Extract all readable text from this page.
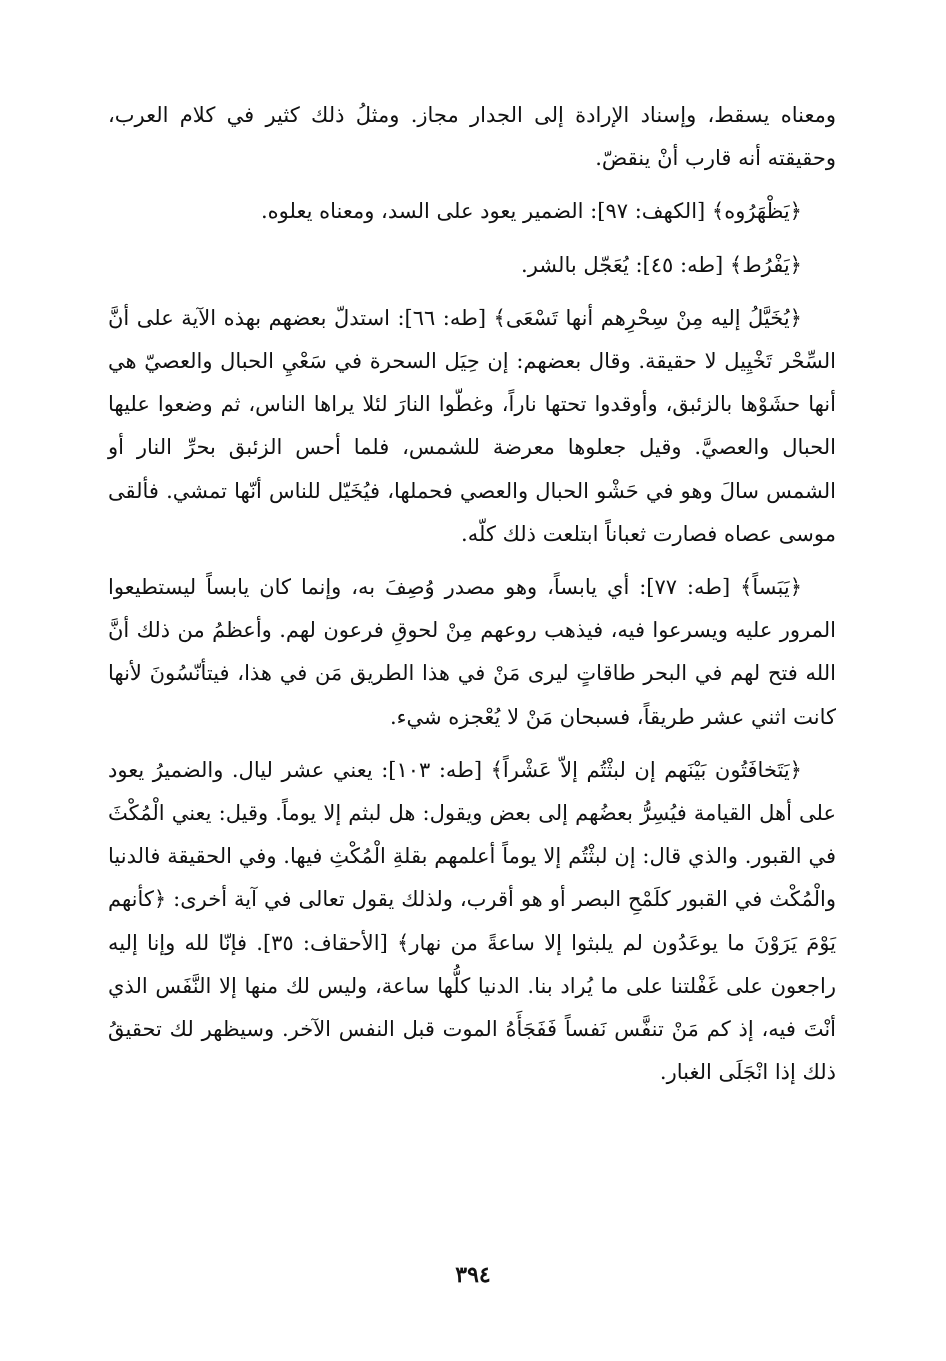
ومعناه يسقط، وإسناد الإرادة إلى الجدار مجاز. ومثلُ ذلك كثير في كلام العرب، وحقيقته أنه قارب أنْ ينقضّ.

﴿يَظْهَرُوه﴾ [الكهف: ٩٧]: الضمير يعود على السد، ومعناه يعلوه.

﴿يَفْرُط﴾ [طه: ٤٥]: يُعَجّل بالشر.

﴿يُخَيَّلُ إليه مِنْ سِحْرِهم أنها تَسْعَى﴾ [طه: ٦٦]: استدلّ بعضهم بهذه الآية على أنَّ السِّحْر تَخْيِيل لا حقيقة. وقال بعضهم: إن حِيَل السحرة في سَعْيِ الحبال والعصيّ هي أنها حشَوْها بالزئبق، وأوقدوا تحتها ناراً، وغطّوا النارَ لئلا يراها الناس، ثم وضعوا عليها الحبال والعصيَّ. وقيل جعلوها معرضة للشمس، فلما أحس الزئبق بحرِّ النار أو الشمس سالَ وهو في حَشْو الحبال والعصي فحملها، فيُخَيّل للناس أنّها تمشي. فألقى موسى عصاه فصارت ثعباناً ابتلعت ذلك كلّه.

﴿يَبَساً﴾ [طه: ٧٧]: أي يابساً، وهو مصدر وُصِفَ به، وإنما كان يابساً ليستطيعوا المرور عليه ويسرعوا فيه، فيذهب روعهم مِنْ لحوقِ فرعون لهم. وأعظمُ من ذلك أنَّ الله فتح لهم في البحر طاقاتٍ ليرى مَنْ في هذا الطريق مَن في هذا، فيتأنّسُونَ لأنها كانت اثني عشر طريقاً، فسبحان مَنْ لا يُعْجزه شيء.

﴿يَتَخافَتُون بَيْنَهم إن لبثْتُم إلاّ عَشْراً﴾ [طه: ١٠٣]: يعني عشر ليال. والضميرُ يعود على أهل القيامة فيُسِرُّ بعضُهم إلى بعض ويقول: هل لبثم إلا يوماً. وقيل: يعني الْمُكْثَ في القبور. والذي قال: إن لبثْتُم إلا يوماً أعلمهم بقلةِ الْمُكْثِ فيها. وفي الحقيقة فالدنيا والْمُكْث في القبور كلَمْحِ البصر أو هو أقرب، ولذلك يقول تعالى في آية أخرى: ﴿كأنهم يَوْمَ يَرَوْنَ ما يوعَدُون لم يلبثوا إلا ساعةً من نهار﴾ [الأحقاف: ٣٥]. فإنّا لله وإنا إليه راجعون على غَفْلتنا على ما يُراد بنا. الدنيا كلُّها ساعة، وليس لك منها إلا النَّفَس الذي أنْتَ فيه، إذ كم مَنْ تنفَّس نَفساً فَفَجَأَهُ الموت قبل النفس الآخر. وسيظهر لك تحقيقُ ذلك إذا انْجَلَى الغبار.

٣٩٤
